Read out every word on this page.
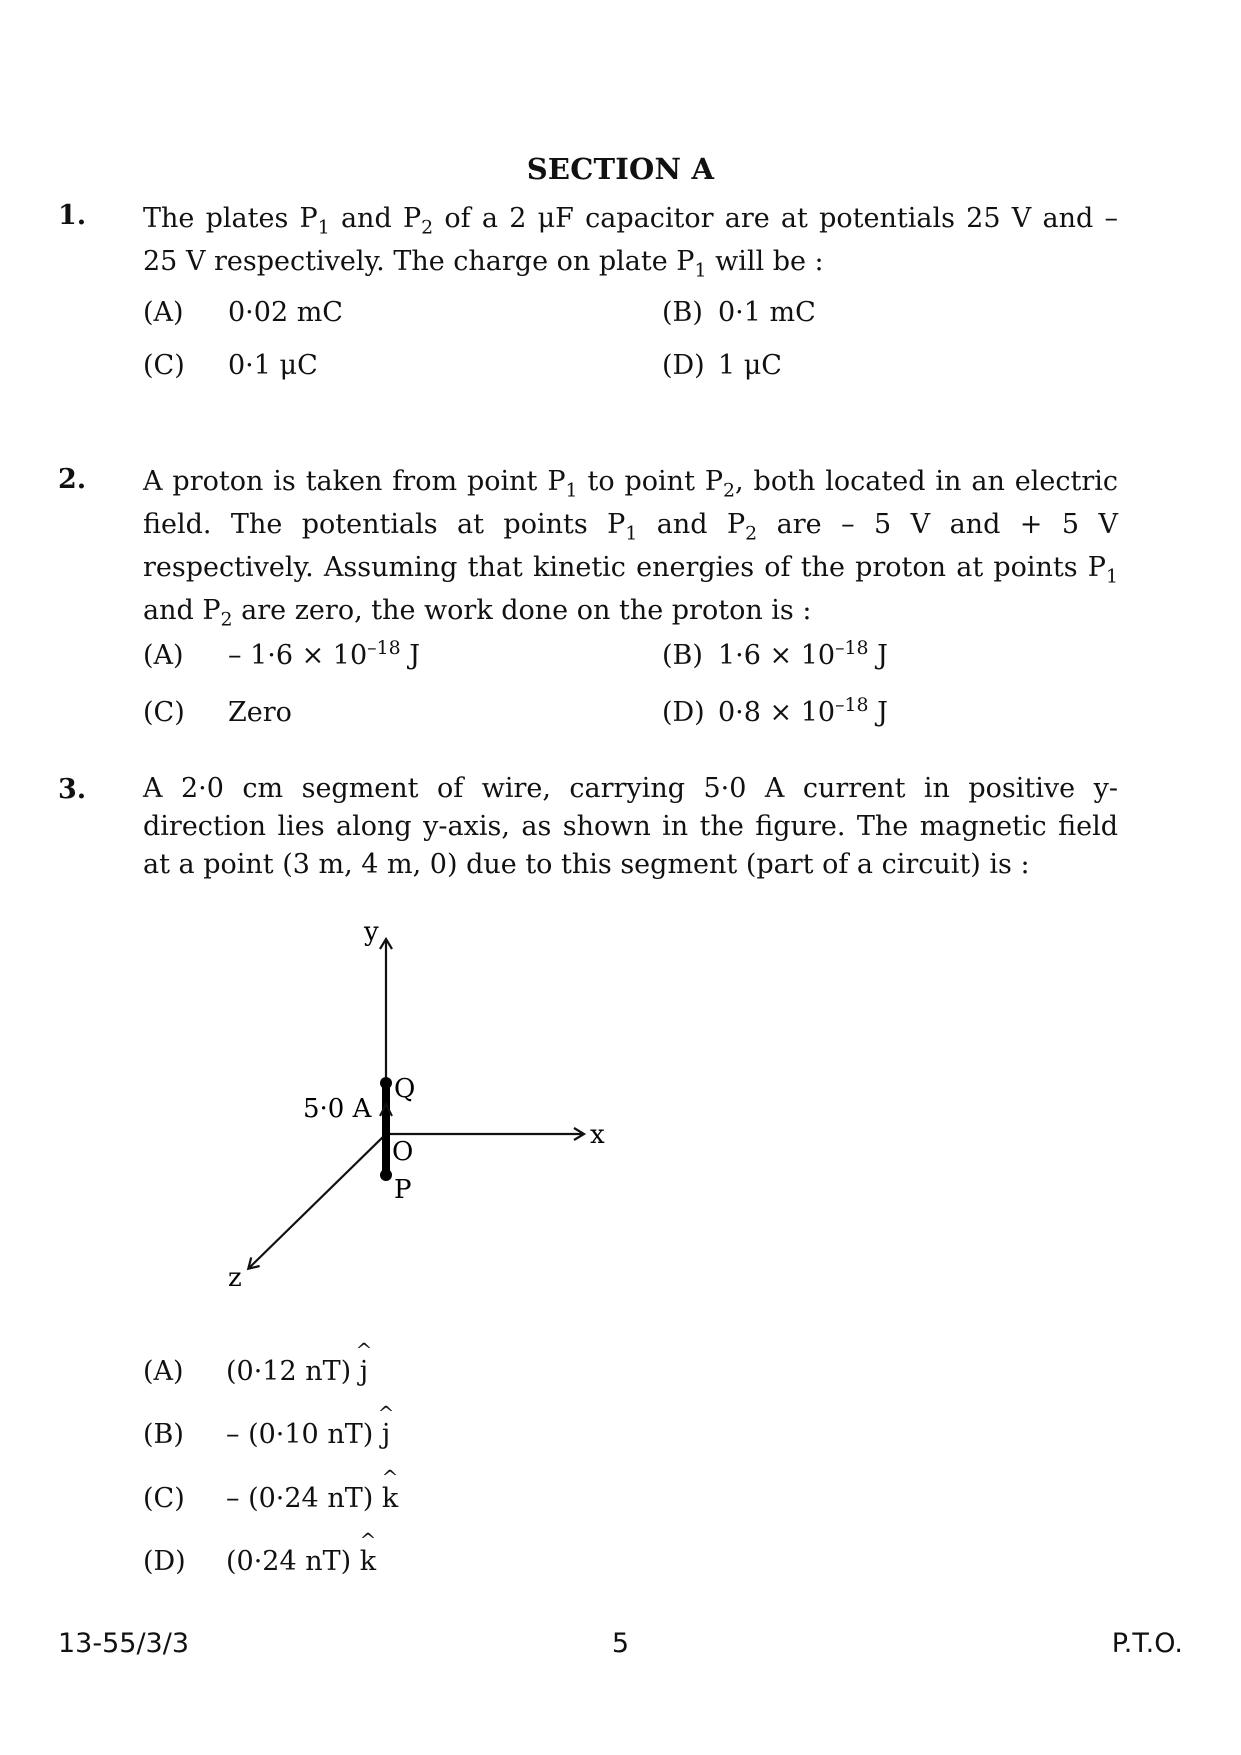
SECTION A
1. The plates $P_1$ and $P_2$ of a 2 μF capacitor are at potentials 25 V and – 25 V respectively. The charge on plate $P_1$ will be :
(A) 0·02 mC	(B) 0·1 mC
(C) 0·1 μC	(D) 1 μC
2. A proton is taken from point $P_1$ to point $P_2$, both located in an electric field. The potentials at points $P_1$ and $P_2$ are – 5 V and + 5 V respectively. Assuming that kinetic energies of the proton at points $P_1$ and $P_2$ are zero, the work done on the proton is :
$(A) - 1\cdot 6 \times 10^{-18}$ J	(B) $1\cdot 6 \times 10^{-18}$ J
(C) Zero	(D) $0\cdot 8 \times 10^{-18}$ J
3. A 2·0 cm segment of wire, carrying 5·0 A current in positive y-direction lies along y-axis, as shown in the figure. The magnetic field at a point (3 m, 4 m, 0) due to this segment (part of a circuit) is :
y
x
z
5·0 A
Q
O
P
(A) (0·12 nT)
^
j
(B) – (0·10 nT)
^
j
(C) – (0·24 nT)
^
k
(D) (0·24 nT)
^
k
13-55/3/3	5	P.T.O.
